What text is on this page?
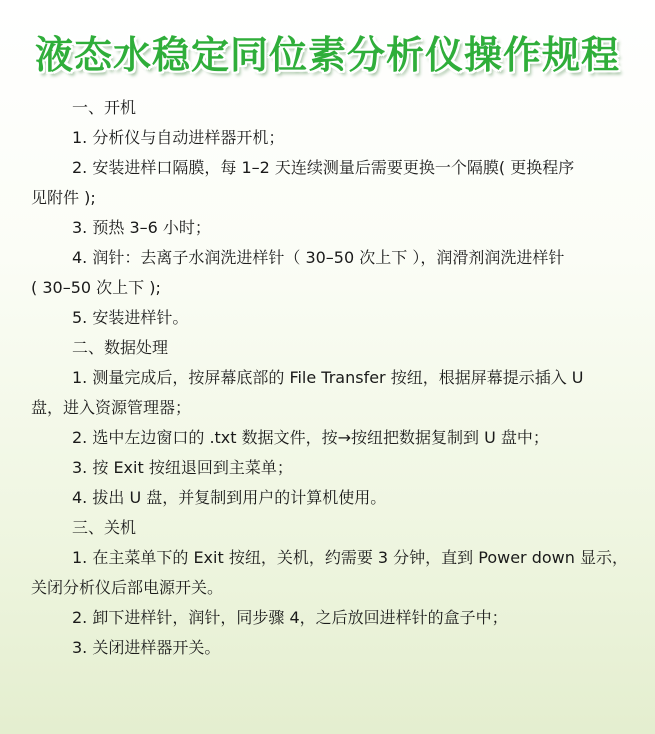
液态水稳定同位素分析仪操作规程
一、开机
1. 分析仪与自动进样器开机；
2. 安装进样口隔膜，每 1–2 天连续测量后需要更换一个隔膜( 更换程序
见附件 );
3. 预热 3–6 小时；
4. 润针：去离子水润洗进样针（ 30–50 次上下 ），润滑剂润洗进样针
( 30–50 次上下 );
5. 安装进样针。
二、数据处理
1. 测量完成后，按屏幕底部的 File Transfer 按纽，根据屏幕提示插入 U
盘，进入资源管理器；
2. 选中左边窗口的 .txt 数据文件，按→按纽把数据复制到 U 盘中；
3. 按 Exit 按纽退回到主菜单；
4. 拔出 U 盘，并复制到用户的计算机使用。
三、关机
1. 在主菜单下的 Exit 按纽，关机，约需要 3 分钟，直到 Power down 显示，
关闭分析仪后部电源开关。
2. 卸下进样针，润针，同步骤 4，之后放回进样针的盒子中；
3. 关闭进样器开关。
